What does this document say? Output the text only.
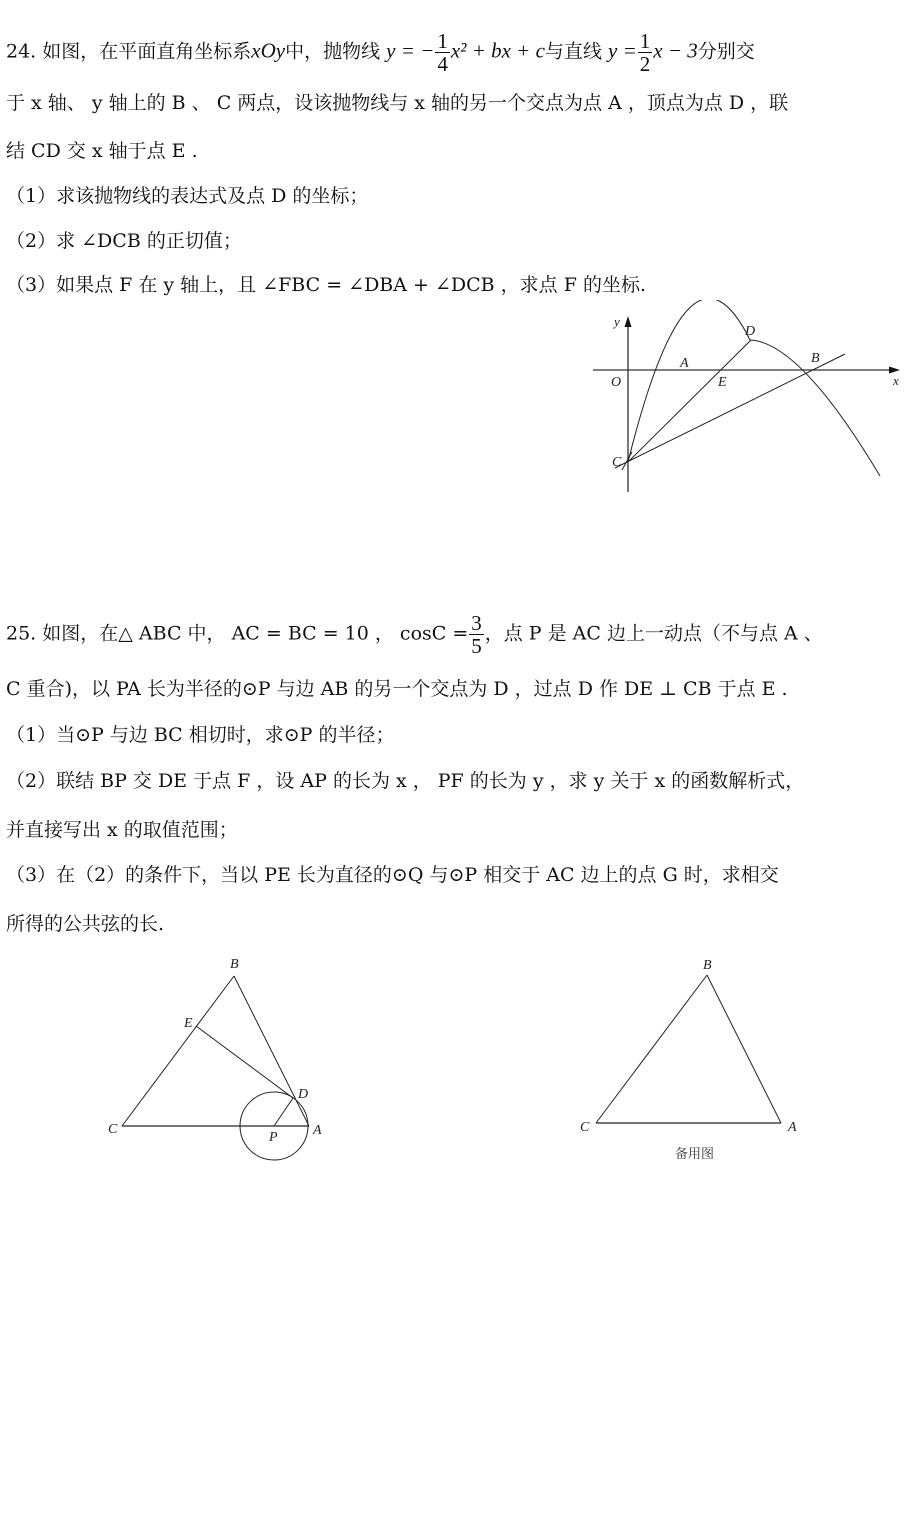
24. 如图，在平面直角坐标系xOy中，抛物线 y = − $\frac{1}{4} x^2$ + bx + c与直线 $y = \frac{1}{2}$ x − 3分别交
于 x 轴、 y 轴上的 B 、 C 两点，设该抛物线与 x 轴的另一个交点为点 A ，顶点为点 D ，联
结 CD 交 x 轴于点 E .
（1）求该抛物线的表达式及点 D 的坐标；
（2）求 ∠DCB 的正切值；
（3）如果点 F 在 y 轴上，且 ∠FBC = ∠DBA + ∠DCB ，求点 F 的坐标.
y
x
O
A	B
C
D
E
25. 如图，在△ ABC 中， AC = BC = 10 ， $\cos C = \frac{3}{5}$ ，点 P 是 AC 边上一动点（不与点 A 、
C 重合)，以 PA 长为半径的⊙P 与边 AB 的另一个交点为 D ，过点 D 作 DE ⊥ CB 于点 E .
（1）当⊙P 与边 BC 相切时，求⊙P 的半径；
（2）联结 BP 交 DE 于点 F ，设 AP 的长为 x ， PF 的长为 y ，求 y 关于 x 的函数解析式，
并直接写出 x 的取值范围；
（3）在（2）的条件下，当以 PE 长为直径的⊙Q 与⊙P 相交于 AC 边上的点 G 时，求相交
所得的公共弦的长.
B
E
D
C
P	A
B
C	A
备用图
